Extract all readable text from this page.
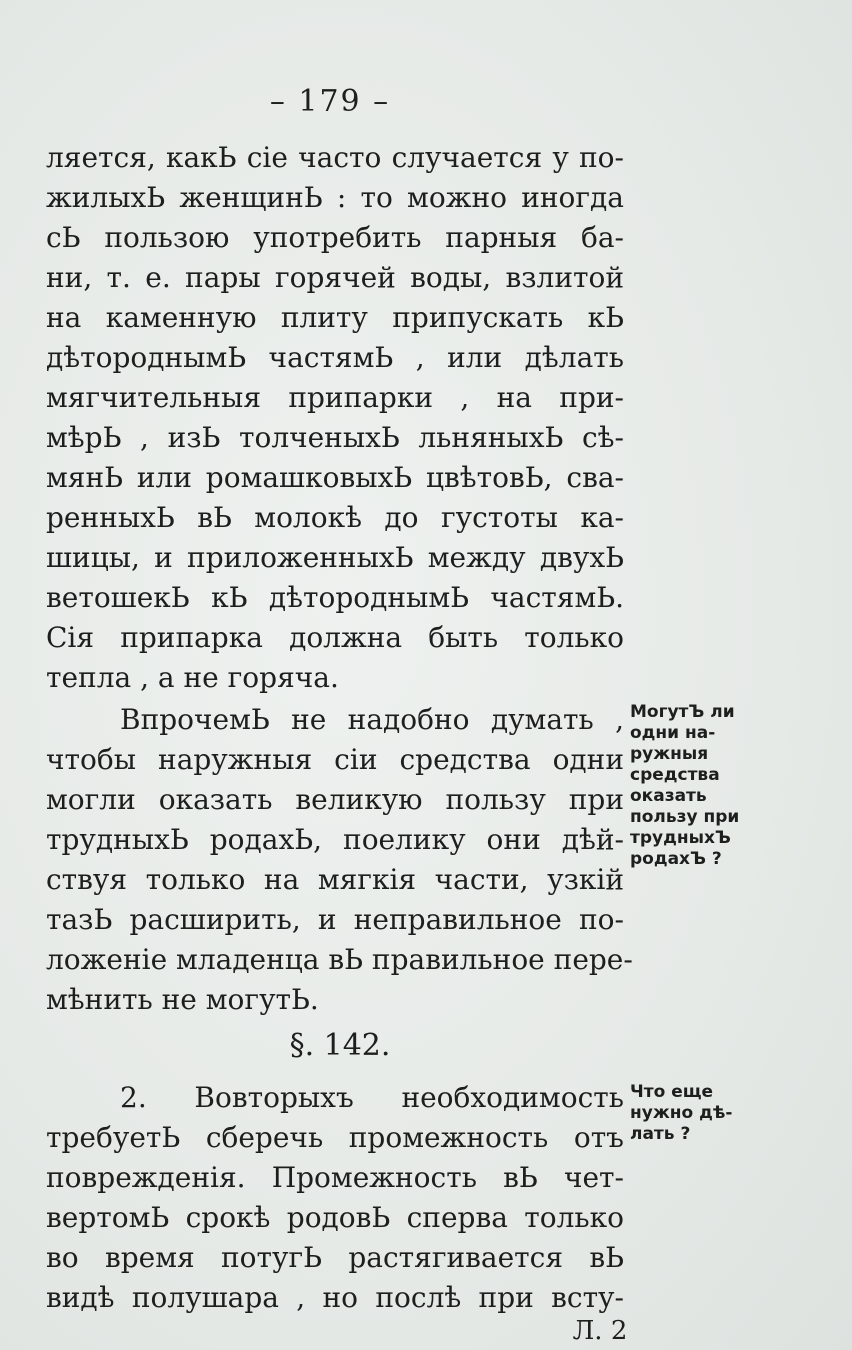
– 179 –
ляется, какЬ сіе часто случается у по-
жилыхЬ женщинЬ : то можно иногда
сЬ пользою употребить парныя ба-
ни, т. е. пары горячей воды, взлитой
на каменную плиту припускать кЬ
дѣтороднымЬ частямЬ , или дѣлать
мягчительныя припарки , на при-
мѣрЬ , изЬ толченыхЬ льняныхЬ сѣ-
мянЬ или ромашковыхЬ цвѣтовЬ, сва-
ренныхЬ вЬ молокѣ до густоты ка-
шицы, и приложенныхЬ между двухЬ
ветошекЬ кЬ дѣтороднымЬ частямЬ.
Сія припарка должна быть только
тепла , а не горяча.
ВпрочемЬ не надобно думать ,
чтобы наружныя сіи средства одни
могли оказать великую пользу при
трудныхЬ родахЬ, поелику они дѣй-
ствуя только на мягкія части, узкій
тазЬ расширить, и неправильное по-
ложеніе младенца вЬ правильное пере-
мѣнить не могутЬ.
§. 142.
2. Вовторыхъ необходимость
требуетЬ сберечь промежность отъ
поврежденія. Промежность вЬ чет-
вертомЬ срокѣ родовЬ сперва только
во время потугЬ растягивается вЬ
видѣ полушара , но послѣ при всту-
МогутЪ ли
одни на-
ружныя
средства
оказать
пользу при
трудныхЪ
родахЪ ?
Что еще
нужно дѣ-
лать ?
Л. 2
